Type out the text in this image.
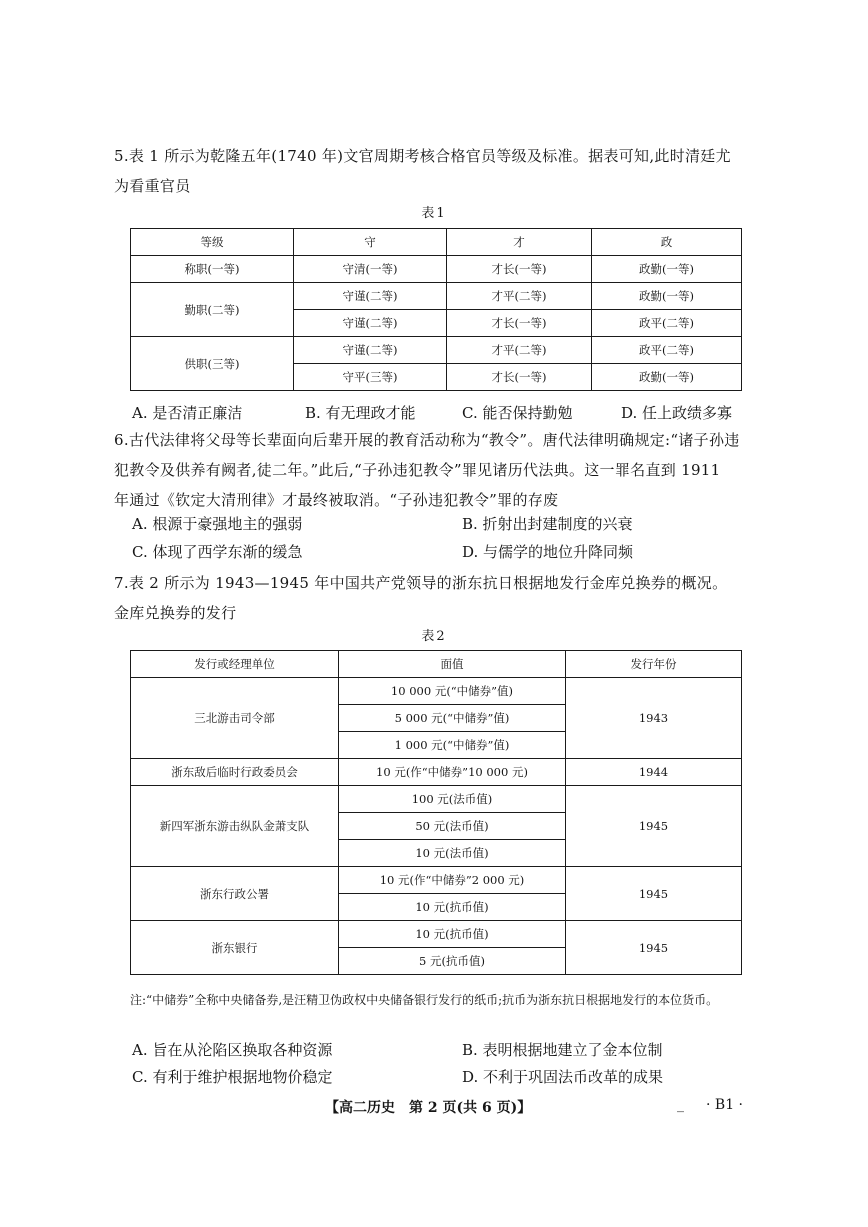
5.表 1 所示为乾隆五年(1740 年)文官周期考核合格官员等级及标准。据表可知,此时清廷尤为看重官员
表1
等级	守	才	政
称职(一等)	守清(一等)	才长(一等)	政勤(一等)
勤职(二等)	守谨(二等)	才平(二等)	政勤(一等)
	守谨(二等)	才长(一等)	政平(二等)
供职(三等)	守谨(二等)	才平(二等)	政平(二等)
	守平(三等)	才长(一等)	政勤(一等)
A. 是否清正廉洁	B. 有无理政才能	C. 能否保持勤勉	D. 任上政绩多寡
6.古代法律将父母等长辈面向后辈开展的教育活动称为“教令”。唐代法律明确规定:“诸子孙违犯教令及供养有阙者,徒二年。”此后,“子孙违犯教令”罪见诸历代法典。这一罪名直到 1911 年通过《钦定大清刑律》才最终被取消。“子孙违犯教令”罪的存废
A. 根源于豪强地主的强弱	B. 折射出封建制度的兴衰
C. 体现了西学东渐的缓急	D. 与儒学的地位升降同频
7.表 2 所示为 1943—1945 年中国共产党领导的浙东抗日根据地发行金库兑换券的概况。金库兑换券的发行
表2
发行或经理单位	面值	发行年份
三北游击司令部	10 000 元(“中储券”值)	1943
	5 000 元(“中储券”值)	
	1 000 元(“中储券”值)	
浙东敌后临时行政委员会	10 元(作“中储券”10 000 元)	1944
新四军浙东游击纵队金萧支队	100 元(法币值)	1945
	50 元(法币值)	
	10 元(法币值)	
浙东行政公署	10 元(作“中储券”2 000 元)	1945
	10 元(抗币值)	
浙东银行	10 元(抗币值)	1945
	5 元(抗币值)	
注:“中储券”全称中央储备券,是汪精卫伪政权中央储备银行发行的纸币;抗币为浙东抗日根据地发行的本位货币。
A. 旨在从沦陷区换取各种资源	B. 表明根据地建立了金本位制
C. 有利于维护根据地物价稳定	D. 不利于巩固法币改革的成果
【高二历史　第 2 页(共 6 页)】	_ · B1 ·
